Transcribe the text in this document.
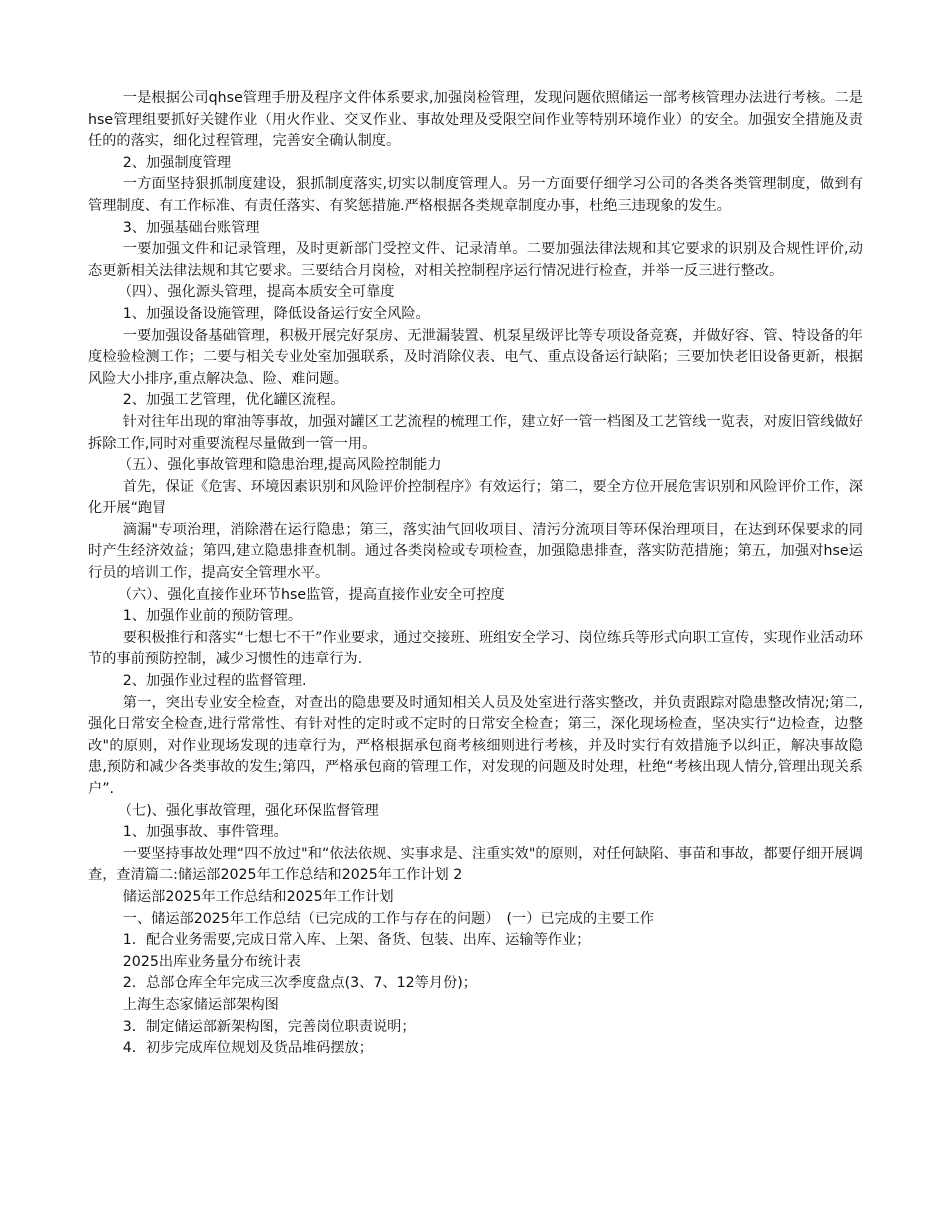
一是根据公司qhse管理手册及程序文件体系要求,加强岗检管理，发现问题依照储运一部考核管理办法进行考核。二是hse管理组要抓好关键作业（用火作业、交叉作业、事故处理及受限空间作业等特别环境作业）的安全。加强安全措施及责任的的落实，细化过程管理，完善安全确认制度。

2、加强制度管理

一方面坚持狠抓制度建设，狠抓制度落实,切实以制度管理人。另一方面要仔细学习公司的各类各类管理制度，做到有管理制度、有工作标准、有责任落实、有奖惩措施.严格根据各类规章制度办事，杜绝三违现象的发生。

3、加强基础台账管理

一要加强文件和记录管理，及时更新部门受控文件、记录清单。二要加强法律法规和其它要求的识别及合规性评价,动态更新相关法律法规和其它要求。三要结合月岗检，对相关控制程序运行情况进行检查，并举一反三进行整改。

（四）、强化源头管理，提高本质安全可靠度

1、加强设备设施管理，降低设备运行安全风险。

一要加强设备基础管理，积极开展完好泵房、无泄漏装置、机泵星级评比等专项设备竞赛，并做好容、管、特设备的年度检验检测工作；二要与相关专业处室加强联系，及时消除仪表、电气、重点设备运行缺陷；三要加快老旧设备更新，根据风险大小排序,重点解决急、险、难问题。

2、加强工艺管理，优化罐区流程。

针对往年出现的窜油等事故，加强对罐区工艺流程的梳理工作，建立好一管一档图及工艺管线一览表，对废旧管线做好拆除工作,同时对重要流程尽量做到一管一用。

（五）、强化事故管理和隐患治理,提高风险控制能力

首先，保证《危害、环境因素识别和风险评价控制程序》有效运行；第二，要全方位开展危害识别和风险评价工作，深化开展“跑冒

滴漏"专项治理，消除潜在运行隐患；第三，落实油气回收项目、清污分流项目等环保治理项目，在达到环保要求的同时产生经济效益；第四,建立隐患排查机制。通过各类岗检或专项检查，加强隐患排查，落实防范措施；第五，加强对hse运行员的培训工作，提高安全管理水平。

（六）、强化直接作业环节hse监管，提高直接作业安全可控度

1、加强作业前的预防管理。

要积极推行和落实“七想七不干”作业要求，通过交接班、班组安全学习、岗位练兵等形式向职工宣传，实现作业活动环节的事前预防控制，减少习惯性的违章行为.

2、加强作业过程的监督管理.

第一，突出专业安全检查，对查出的隐患要及时通知相关人员及处室进行落实整改，并负责跟踪对隐患整改情况;第二,强化日常安全检查,进行常常性、有针对性的定时或不定时的日常安全检查；第三，深化现场检查，坚决实行“边检查，边整改"的原则，对作业现场发现的违章行为，严格根据承包商考核细则进行考核，并及时实行有效措施予以纠正，解决事故隐患,预防和减少各类事故的发生;第四，严格承包商的管理工作，对发现的问题及时处理，杜绝“考核出现人情分,管理出现关系户”.

（七)、强化事故管理，强化环保监督管理

1、加强事故、事件管理。

一要坚持事故处理“四不放过"和“依法依规、实事求是、注重实效"的原则，对任何缺陷、事苗和事故，都要仔细开展调查，查清篇二:储运部2025年工作总结和2025年工作计划 2

储运部2025年工作总结和2025年工作计划

一、储运部2025年工作总结（已完成的工作与存在的问题）　(一）已完成的主要工作

1．配合业务需要,完成日常入库、上架、备货、包装、出库、运输等作业；

2025出库业务量分布统计表

2．总部仓库全年完成三次季度盘点(3、7、12等月份)；

上海生态家储运部架构图

3．制定储运部新架构图，完善岗位职责说明；

4．初步完成库位规划及货品堆码摆放；
